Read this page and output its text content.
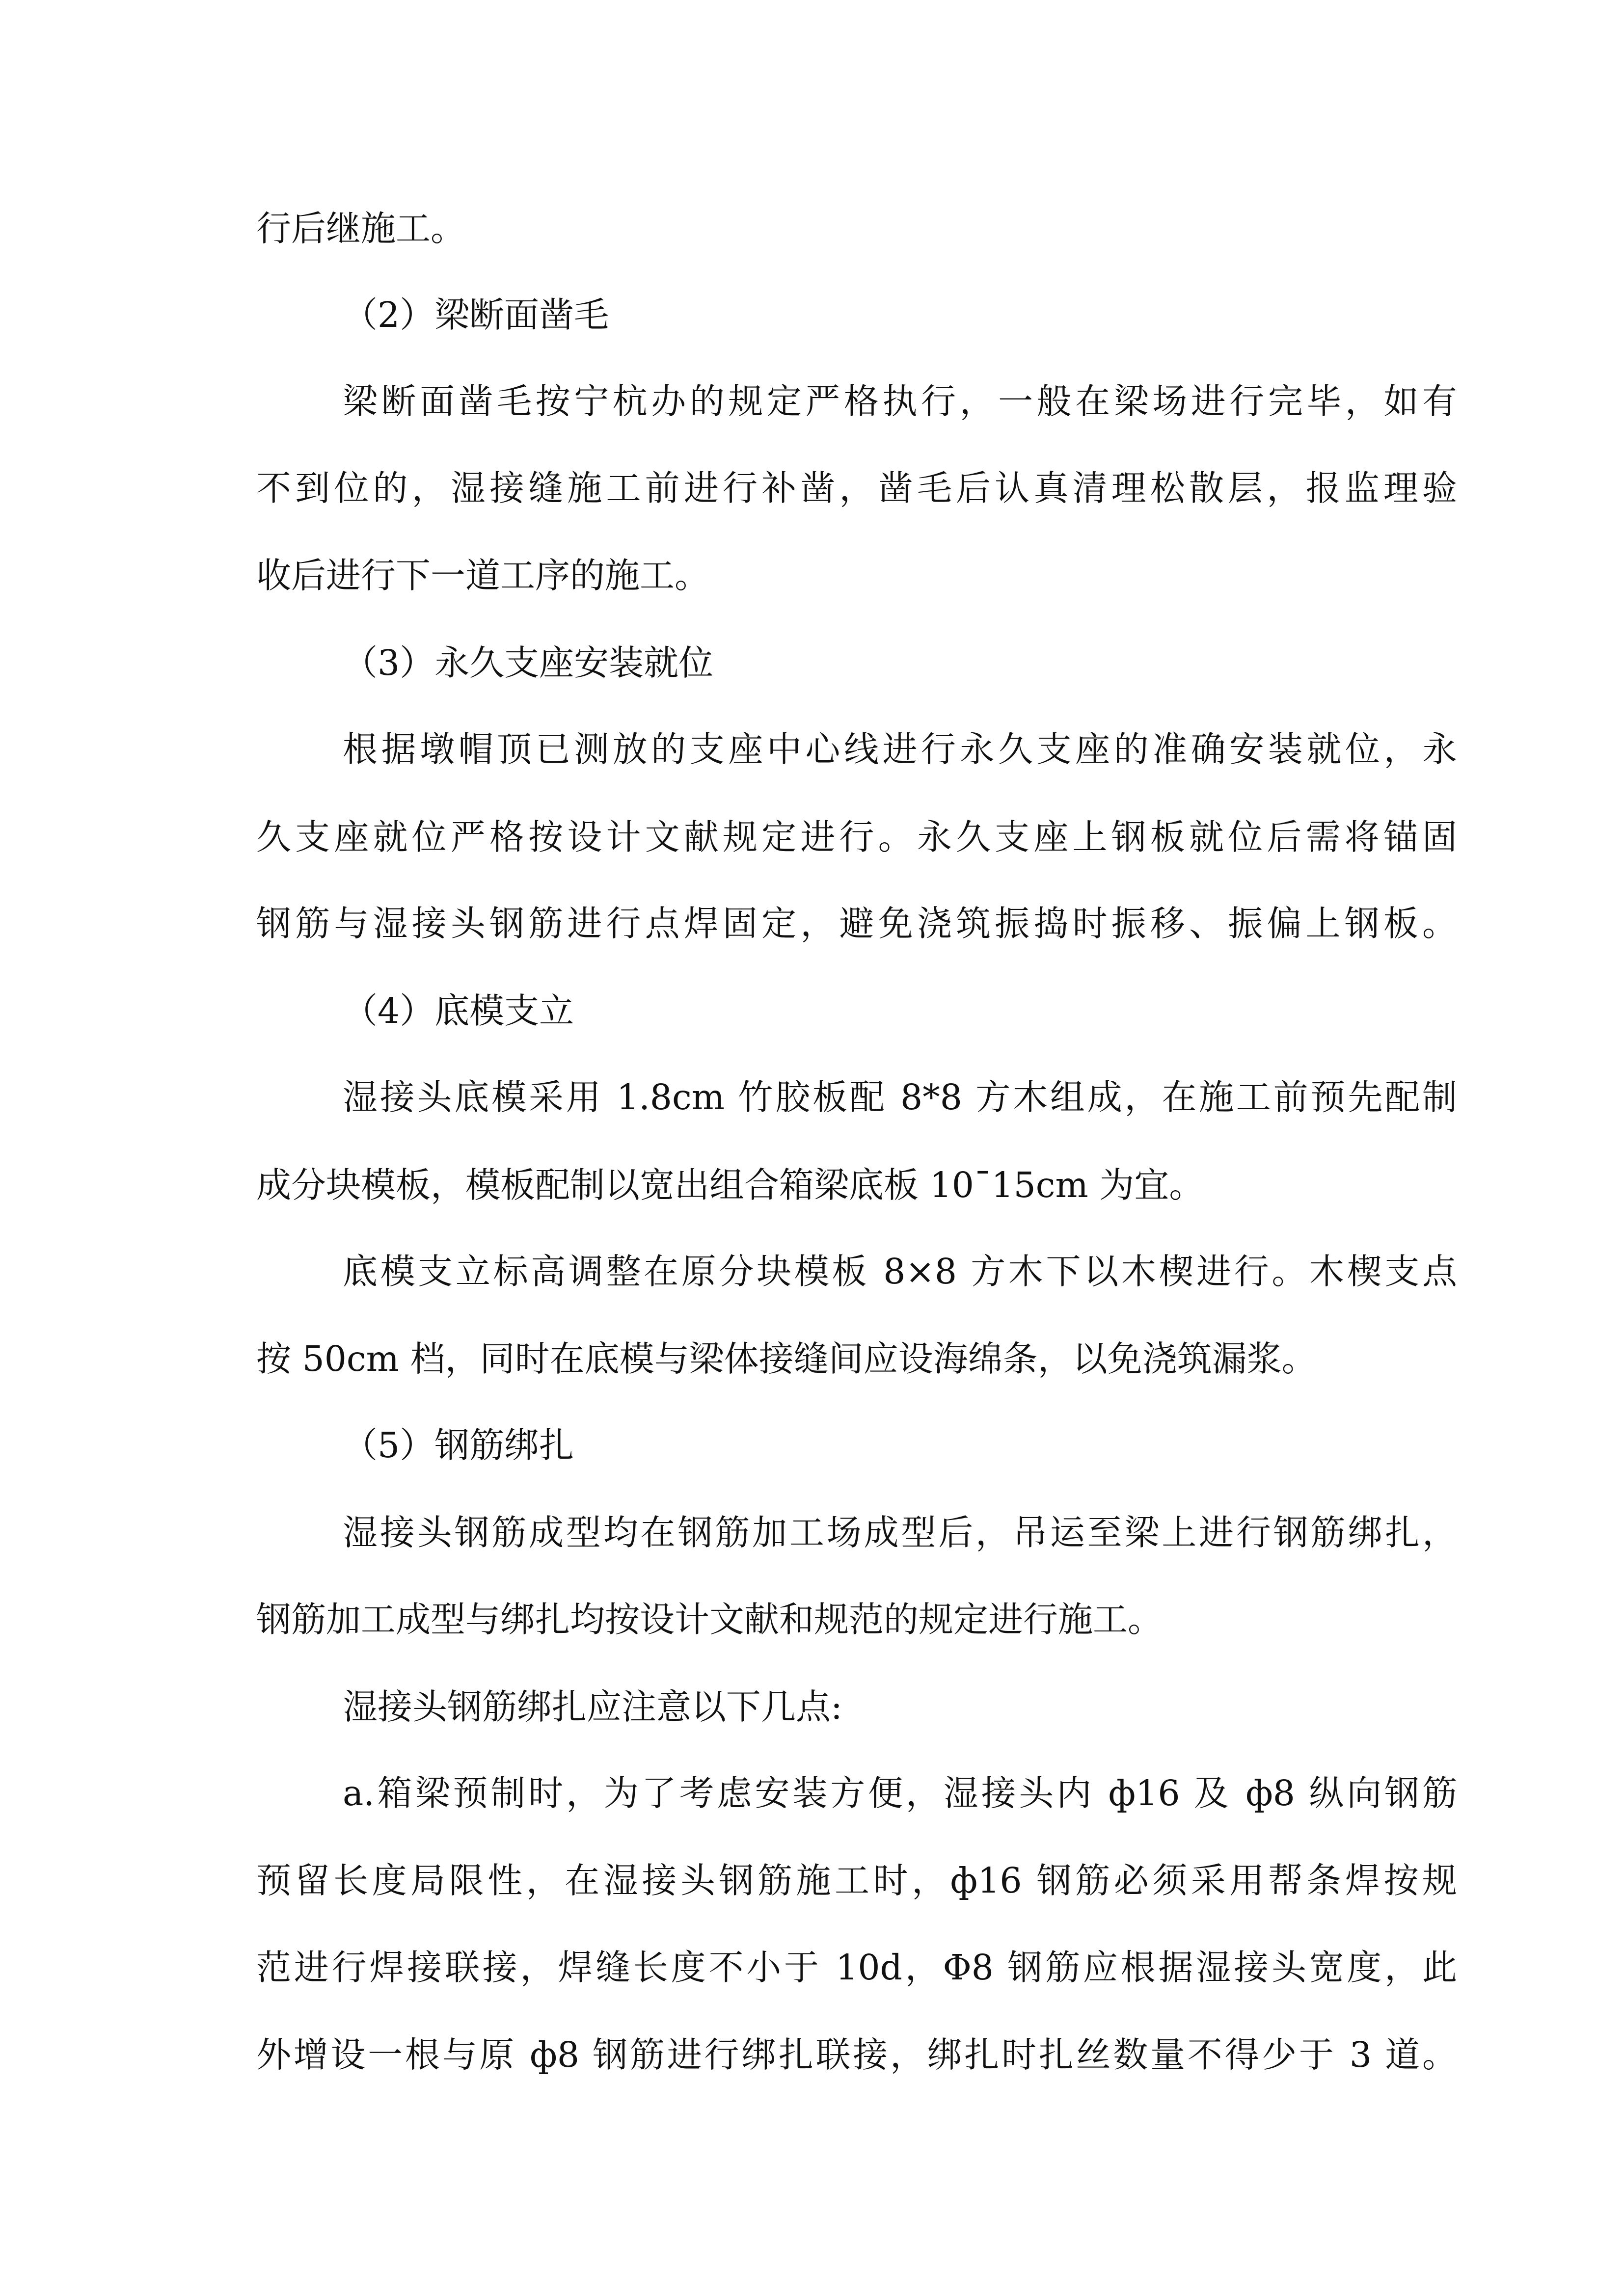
行后继施工。
（2）梁断面凿毛
梁断面凿毛按宁杭办的规定严格执行，一般在梁场进行完毕，如有
不到位的，湿接缝施工前进行补凿，凿毛后认真清理松散层，报监理验
收后进行下一道工序的施工。
（3）永久支座安装就位
根据墩帽顶已测放的支座中心线进行永久支座的准确安装就位，永
久支座就位严格按设计文献规定进行。永久支座上钢板就位后需将锚固
钢筋与湿接头钢筋进行点焊固定，避免浇筑振捣时振移、振偏上钢板。
（4）底模支立
湿接头底模采用 1.8cm 竹胶板配 8*8 方木组成，在施工前预先配制
成分块模板，模板配制以宽出组合箱梁底板 10¯15cm 为宜。
底模支立标高调整在原分块模板 8×8 方木下以木楔进行。木楔支点
按 50cm 档，同时在底模与梁体接缝间应设海绵条，以免浇筑漏浆。
（5）钢筋绑扎
湿接头钢筋成型均在钢筋加工场成型后，吊运至梁上进行钢筋绑扎，
钢筋加工成型与绑扎均按设计文献和规范的规定进行施工。
湿接头钢筋绑扎应注意以下几点:
a.箱梁预制时，为了考虑安装方便，湿接头内 ф16 及 ф8 纵向钢筋
预留长度局限性，在湿接头钢筋施工时，ф16 钢筋必须采用帮条焊按规
范进行焊接联接，焊缝长度不小于 10d，Φ8 钢筋应根据湿接头宽度，此
外增设一根与原 ф8 钢筋进行绑扎联接，绑扎时扎丝数量不得少于 3 道。
